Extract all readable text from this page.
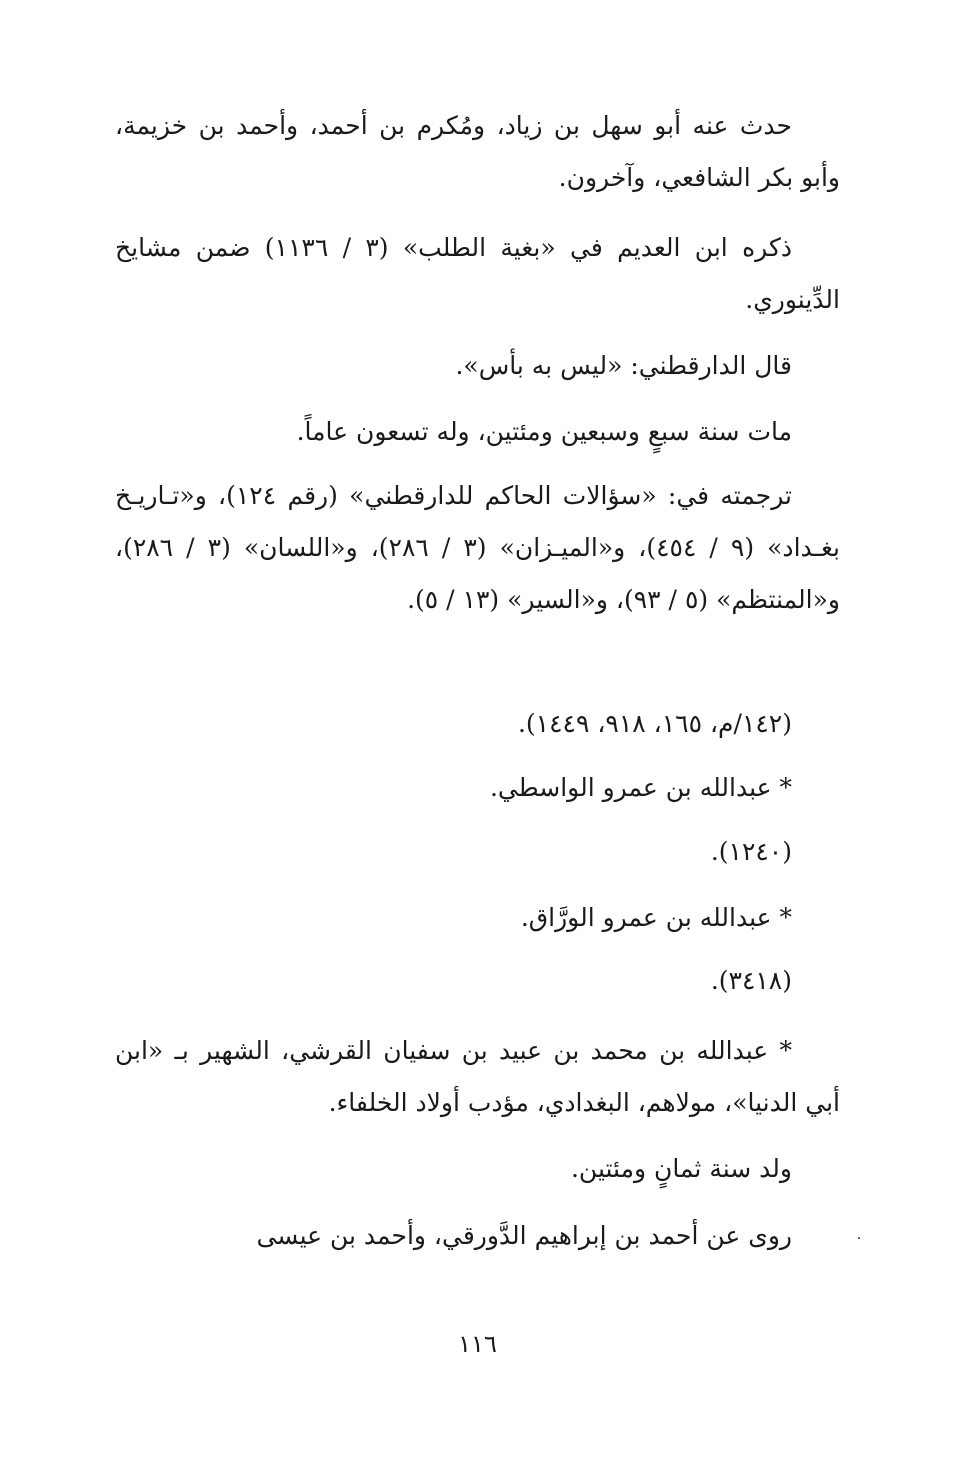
حدث عنه أبو سهل بن زياد، ومُكرم بن أحمد، وأحمد بن خزيمة، وأبو بكر الشافعي، وآخرون.

ذكره ابن العديم في «بغية الطلب» (٣ / ١١٣٦) ضمن مشايخ الدِّينوري.

قال الدارقطني: «ليس به بأس».
مات سنة سبعٍ وسبعين ومئتين، وله تسعون عاماً.

ترجمته في: «سؤالات الحاكم للدارقطني» (رقم ١٢٤)، و«تـاريـخ بغـداد» (٩ / ٤٥٤)، و«الميـزان» (٣ / ٢٨٦)، و«اللسان» (٣ / ٢٨٦)، و«المنتظم» (٥ / ٩٣)، و«السير» (١٣ / ٥).

(١٤٢/م، ١٦٥، ٩١٨، ١٤٤٩).
* عبدالله بن عمرو الواسطي.
(١٢٤٠).
* عبدالله بن عمرو الورَّاق.
(٣٤١٨).

* عبدالله بن محمد بن عبيد بن سفيان القرشي، الشهير بـ «ابن أبي الدنيا»، مولاهم، البغدادي، مؤدب أولاد الخلفاء.

ولد سنة ثمانٍ ومئتين.

روى عن أحمد بن إبراهيم الدَّورقي، وأحمد بن عيسى

١١٦
